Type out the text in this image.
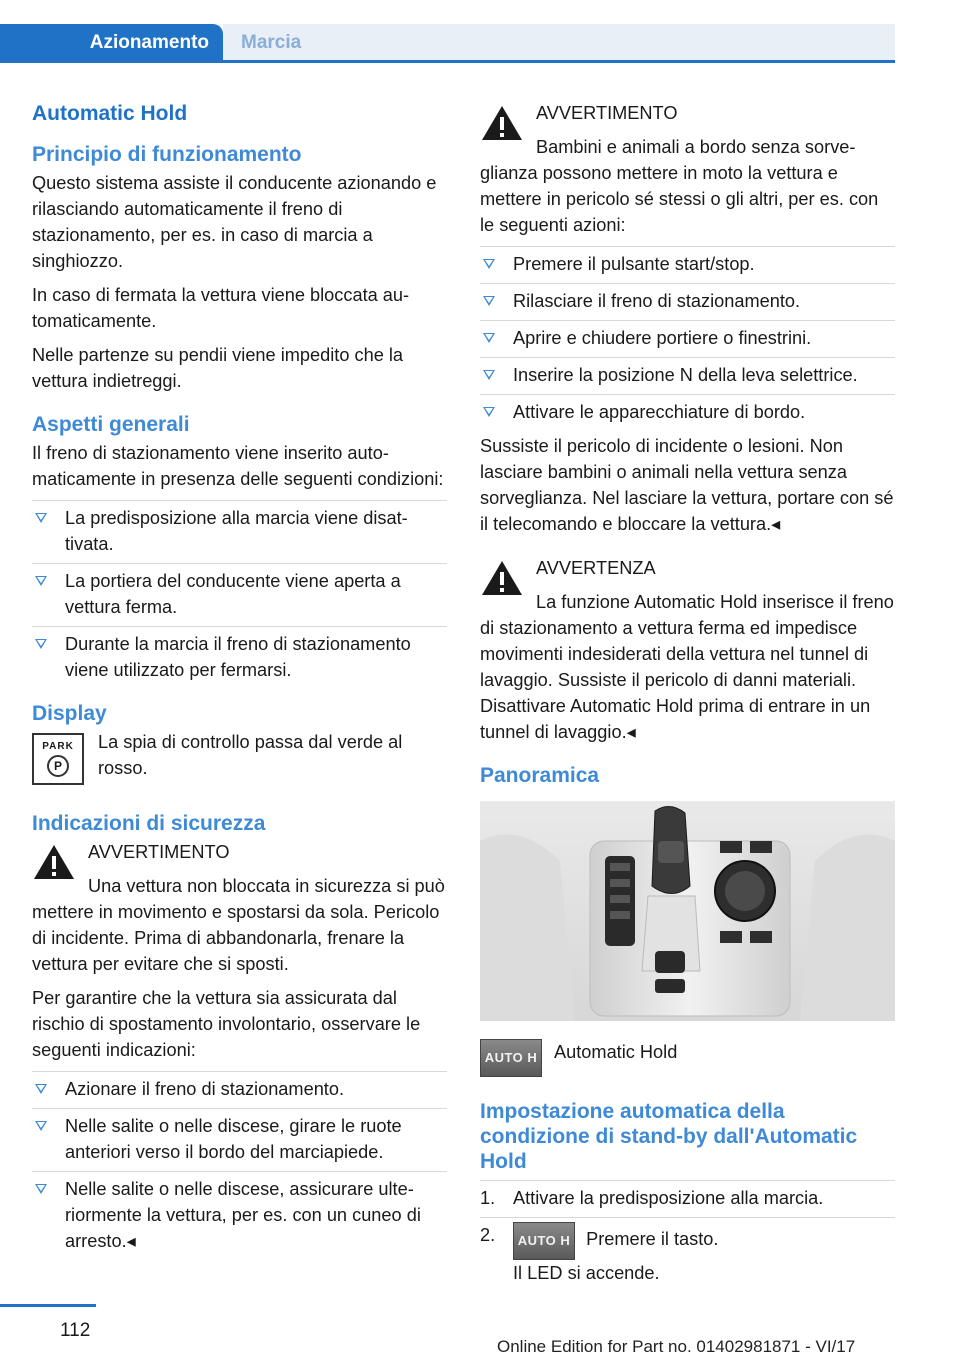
Azionamento	Marcia
Automatic Hold
Principio di funzionamento

Questo sistema assiste il conducente azionando e rilasciando automaticamente il freno di stazionamento, per es. in caso di marcia a singhiozzo.

In caso di fermata la vettura viene bloccata automaticamente.

Nelle partenze su pendii viene impedito che la vettura indietreggi.

Aspetti generali

Il freno di stazionamento viene inserito automaticamente in presenza delle seguenti condizioni:

La predisposizione alla marcia viene disattivata.
La portiera del conducente viene aperta a vettura ferma.
Durante la marcia il freno di stazionamento viene utilizzato per fermarsi.
Display
PARK
P

La spia di controllo passa dal verde al rosso.

Indicazioni di sicurezza

AVVERTIMENTO

Una vettura non bloccata in sicurezza si può mettere in movimento e spostarsi da sola. Pericolo di incidente. Prima di abbandonarla, frenare la vettura per evitare che si sposti.

Per garantire che la vettura sia assicurata dal rischio di spostamento involontario, osservare le seguenti indicazioni:

Azionare il freno di stazionamento.
Nelle salite o nelle discese, girare le ruote anteriori verso il bordo del marciapiede.
Nelle salite o nelle discese, assicurare ulteriormente la vettura, per es. con un cuneo di arresto.◂

AVVERTIMENTO

Bambini e animali a bordo senza sorveglianza possono mettere in moto la vettura e mettere in pericolo sé stessi o gli altri, per es. con le seguenti azioni:

Premere il pulsante start/stop.
Rilasciare il freno di stazionamento.
Aprire e chiudere portiere o finestrini.
Inserire la posizione N della leva selettrice.
Attivare le apparecchiature di bordo.

Sussiste il pericolo di incidente o lesioni. Non lasciare bambini o animali nella vettura senza sorveglianza. Nel lasciare la vettura, portare con sé il telecomando e bloccare la vettura.◂

AVVERTENZA

La funzione Automatic Hold inserisce il freno di stazionamento a vettura ferma ed impedisce movimenti indesiderati della vettura nel tunnel di lavaggio. Sussiste il pericolo di danni materiali. Disattivare Automatic Hold prima di entrare in un tunnel di lavaggio.◂

Panoramica
AUTO H Automatic Hold
Impostazione automatica della condizione di stand-by dall'Automatic Hold
1. Attivare la predisposizione alla marcia.
2. AUTO H Premere il tasto.
Il LED si accende.
112
Online Edition for Part no. 01402981871 - VI/17
